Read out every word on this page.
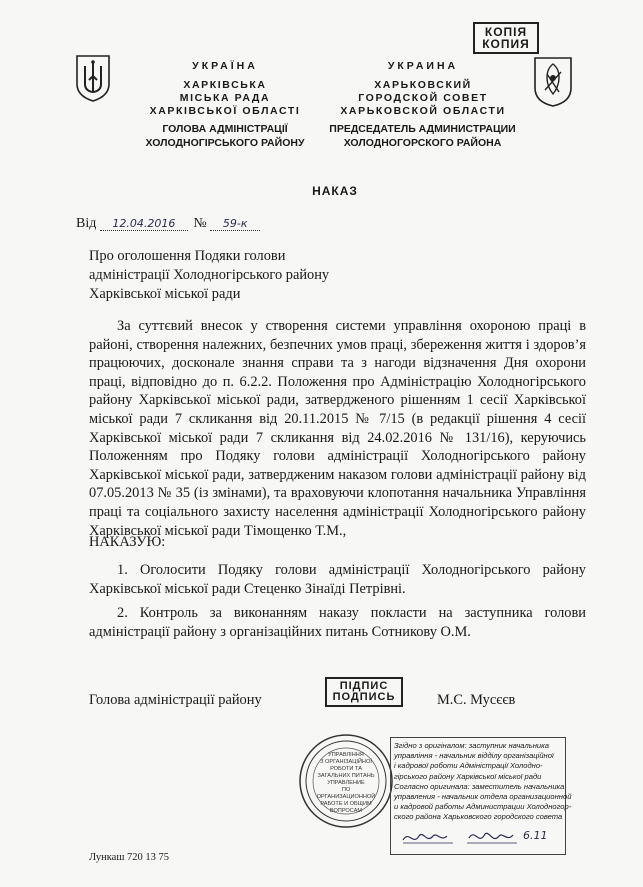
КОПІЯ
КОПИЯ
УКРАЇНА
ХАРКІВСЬКА
МІСЬКА РАДА
ХАРКІВСЬКОЇ ОБЛАСТІ
ГОЛОВА АДМІНІСТРАЦІЇ
ХОЛОДНОГІРСЬКОГО РАЙОНУ
УКРАИНА
ХАРЬКОВСКИЙ
ГОРОДСКОЙ СОВЕТ
ХАРЬКОВСКОЙ ОБЛАСТИ
ПРЕДСЕДАТЕЛЬ АДМИНИСТРАЦИИ
ХОЛОДНОГОРСКОГО РАЙОНА
НАКАЗ
Від 12.04.2016 № 59-к
Про оголошення Подяки голови
адміністрації Холодногірського району
Харківської міської ради
За суттєвий внесок у створення системи управління охороною праці в районі, створення належних, безпечних умов праці, збереження життя і здоров’я працюючих, досконале знання справи та з нагоди відзначення Дня охорони праці, відповідно до п. 6.2.2. Положення про Адміністрацію Холодногірського району Харківської міської ради, затвердженого рішенням 1 сесії Харківської міської ради 7 скликання від 20.11.2015 № 7/15 (в редакції рішення 4 сесії Харківської міської ради 7 скликання від 24.02.2016 № 131/16), керуючись Положенням про Подяку голови адміністрації Холодногірського району Харківської міської ради, затвердженим наказом голови адміністрації району від 07.05.2013 № 35 (із змінами), та враховуючи клопотання начальника Управління праці та соціального захисту населення адміністрації Холодногірського району Харківської міської ради Тімощенко Т.М.,
НАКАЗУЮ:
1. Оголосити Подяку голови адміністрації Холодногірського району Харківської міської ради Стеценко Зінаїді Петрівні.
2. Контроль за виконанням наказу покласти на заступника голови адміністрації району з організаційних питань Сотникову О.М.
Голова адміністрації району
ПІДПИС
ПОДПИСЬ	М.С. Мусєєв
УПРАВЛІННЯ
З ОРГАНІЗАЦІЙНОЇ
РОБОТИ ТА
ЗАГАЛЬНИХ ПИТАНЬ
УПРАВЛЕНИЕ
ПО ОРГАНИЗАЦИОННОЙ
РАБОТЕ И ОБЩИМ
ВОПРОСАМ
Згідно з оригіналом: заступник начальника
управління - начальник відділу організаційної
і кадрової роботи Адміністрації Холодно-
гірського району Харківської міської ради
Согласно оригинала: заместитель начальника
управления - начальник отдела организационной
и кадровой работы Администрации Холодногор-
ского района Харьковского городского совета
6.11
Лункаш 720 13 75
